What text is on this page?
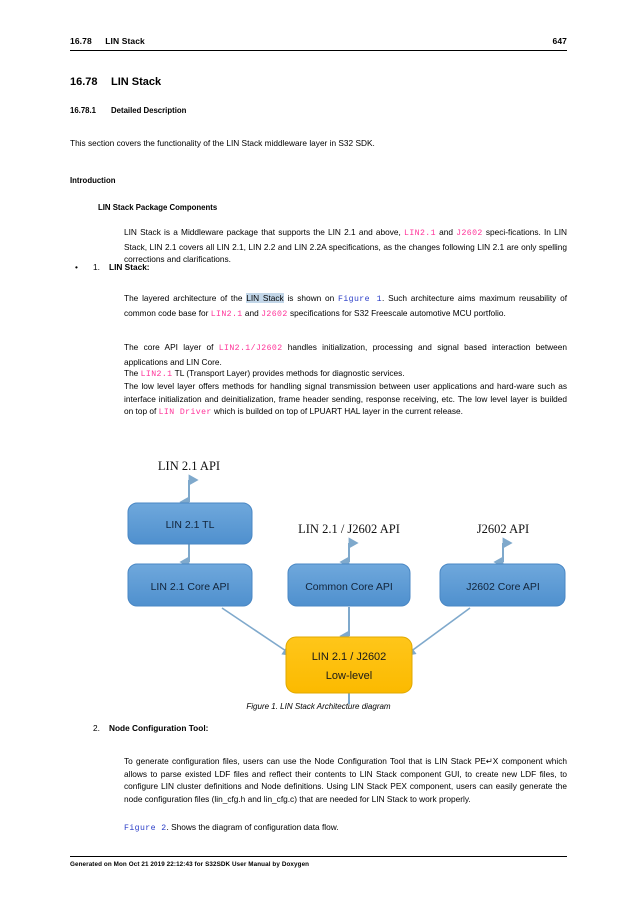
647
16.78 LIN Stack
16.78 LIN Stack
16.78.1 Detailed Description
This section covers the functionality of the LIN Stack middleware layer in S32 SDK.
Introduction
LIN Stack Package Components
LIN Stack is a Middleware package that supports the LIN 2.1 and above, LIN2.1 and J2602 speci-fications. In LIN Stack, LIN 2.1 covers all LIN 2.1, LIN 2.2 and LIN 2.2A specifications, as the changes following LIN 2.1 are only spelling corrections and clarifications.
• 1. LIN Stack:
The layered architecture of the LIN Stack is shown on Figure 1. Such architecture aims maximum reusability of common code base for LIN2.1 and J2602 specifications for S32 Freescale automotive MCU portfolio.
The core API layer of LIN2.1/J2602 handles initialization, processing and signal based interaction between applications and LIN Core.
The LIN2.1 TL (Transport Layer) provides methods for diagnostic services.
The low level layer offers methods for handling signal transmission between user applications and hard-ware such as interface initialization and deinitialization, frame header sending, response receiving, etc. The low level layer is builded on top of LIN Driver which is builded on top of LPUART HAL layer in the current release.
LIN 2.1 API
LIN 2.1 / J2602 API	J2602 API
LIN 2.1 TL
LIN 2.1 Core API	Common Core API	J2602 Core API
LIN 2.1 / J2602
Low-level
Figure 1. LIN Stack Architecture diagram
2. Node Configuration Tool:
To generate configuration files, users can use the Node Configuration Tool that is LIN Stack PE↵X component which allows to parse existed LDF files and reflect their contents to LIN Stack component GUI, to create new LDF files, to configure LIN cluster definitions and Node definitions. Using LIN Stack PEX component, users can easily generate the node configuration files (lin_cfg.h and lin_cfg.c) that are needed for LIN Stack to work properly.
Figure 2. Shows the diagram of configuration data flow.
Generated on Mon Oct 21 2019 22:12:43 for S32SDK User Manual by Doxygen
